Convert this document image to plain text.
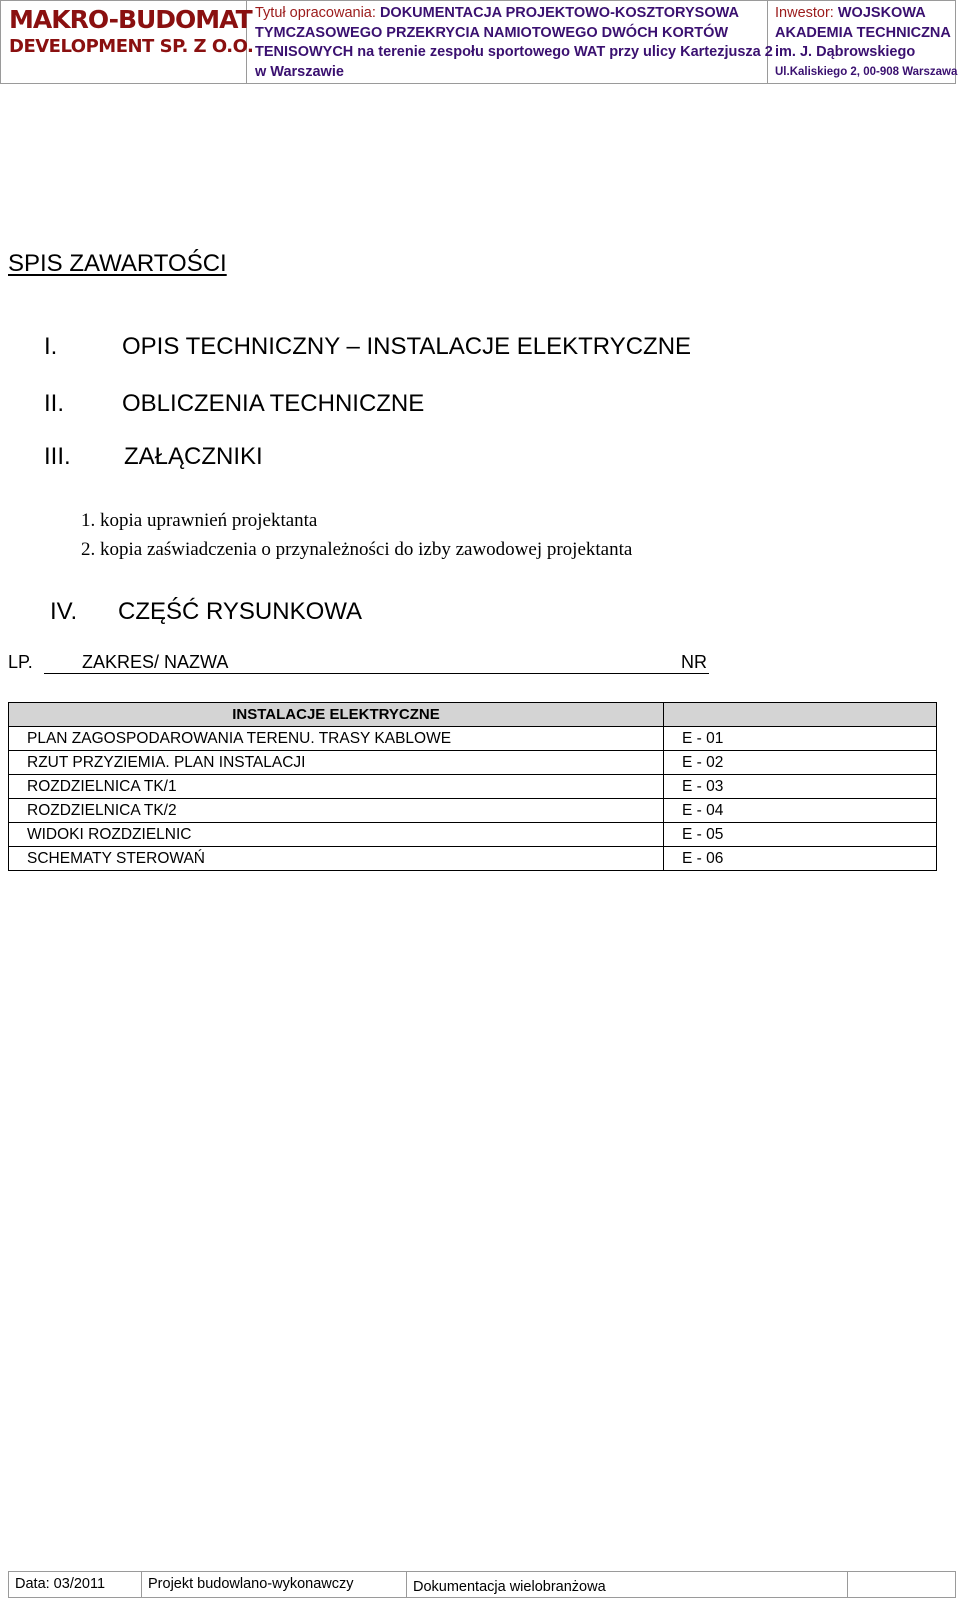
MAKRO-BUDOMAT
DEVELOPMENT SP. Z O.O.
Tytuł opracowania: DOKUMENTACJA PROJEKTOWO-KOSZTORYSOWA
TYMCZASOWEGO PRZEKRYCIA NAMIOTOWEGO DWÓCH KORTÓW
TENISOWYCH na terenie zespołu sportowego WAT przy ulicy Kartezjusza 2
w Warszawie
Inwestor: WOJSKOWA
AKADEMIA TECHNICZNA
im. J. Dąbrowskiego
Ul.Kaliskiego 2, 00-908 Warszawa
SPIS ZAWARTOŚCI
I.	OPIS TECHNICZNY – INSTALACJE ELEKTRYCZNE
II. OBLICZENIA TECHNICZNE
III. ZAŁĄCZNIKI
1. kopia uprawnień projektanta
2. kopia zaświadczenia o przynależności do izby zawodowej projektanta
IV. CZĘŚĆ RYSUNKOWA
LP.	ZAKRES/ NAZWA	NR
INSTALACJE ELEKTRYCZNE	
PLAN ZAGOSPODAROWANIA TERENU. TRASY KABLOWE	E - 01
RZUT PRZYZIEMIA. PLAN INSTALACJI	E - 02
ROZDZIELNICA TK/1	E - 03
ROZDZIELNICA TK/2	E - 04
WIDOKI ROZDZIELNIC	E - 05
SCHEMATY STEROWAŃ	E - 06
Data: 03/2011	Projekt budowlano-wykonawczy	Dokumentacja wielobranżowa
